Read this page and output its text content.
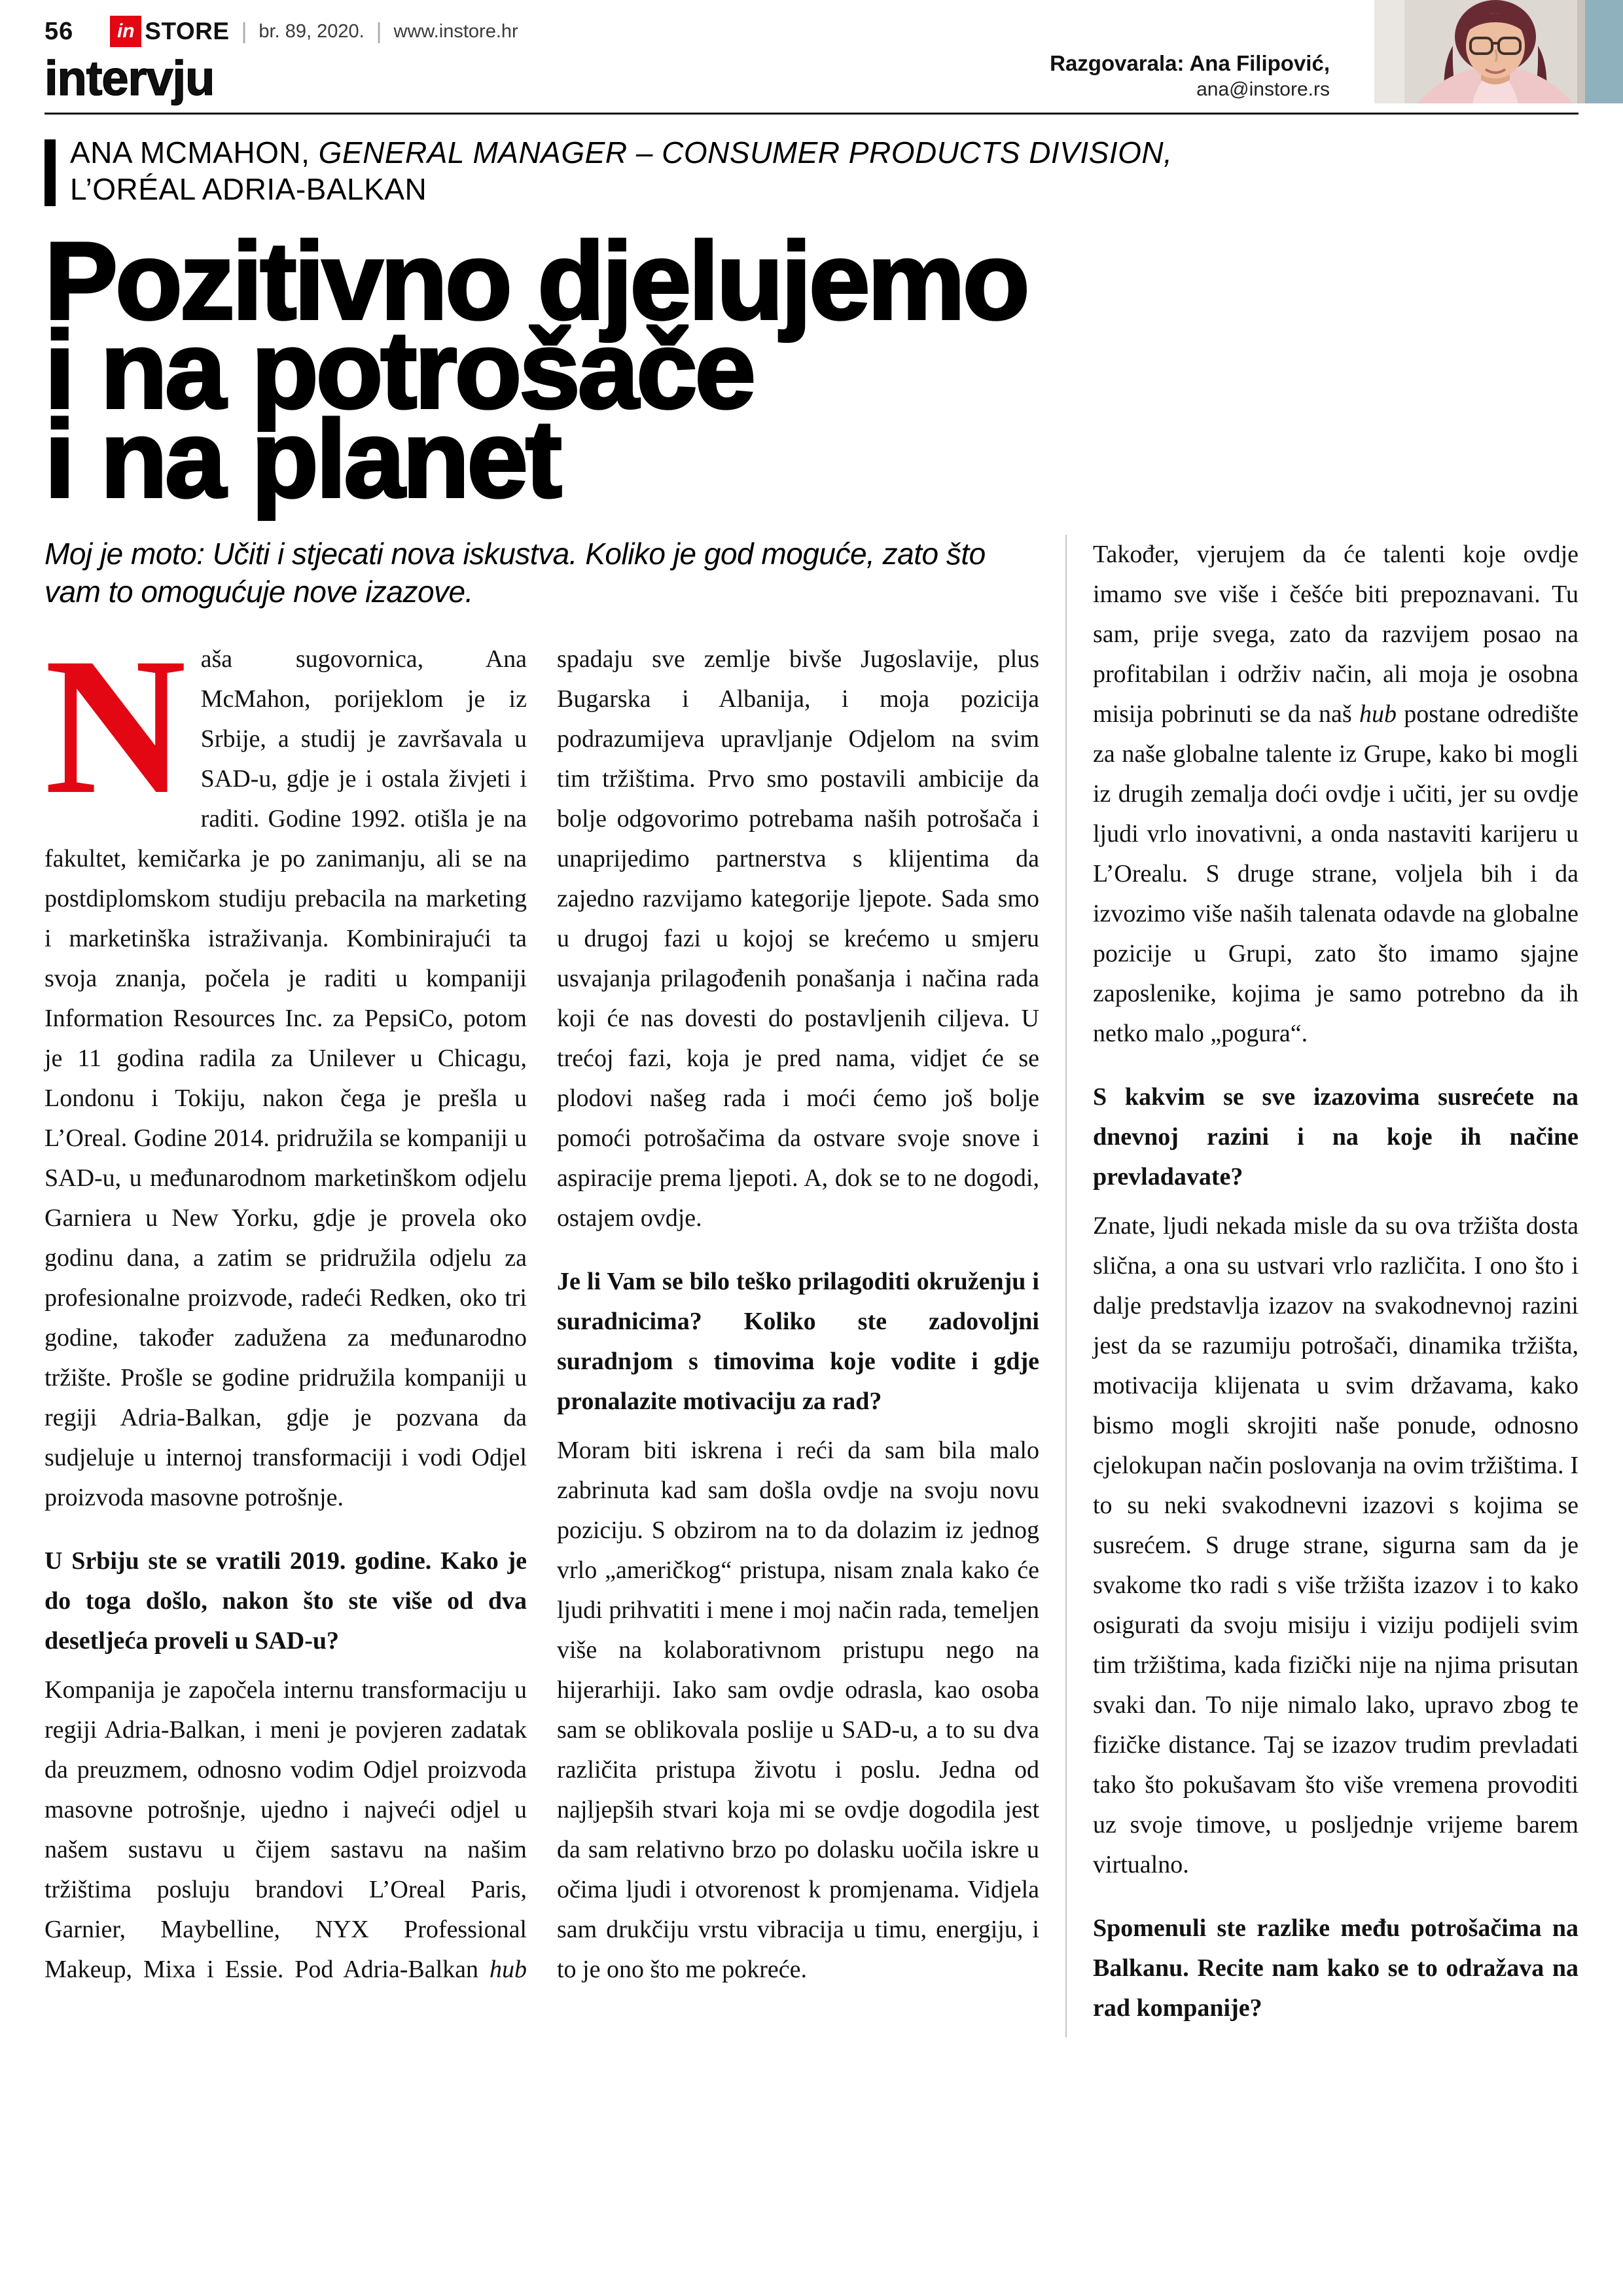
56	in STORE | br. 89, 2020. | www.instore.hr
intervju	Razgovarala: Ana Filipović,
ana@instore.rs
ANA MCMAHON, GENERAL MANAGER – CONSUMER PRODUCTS DIVISION,
L’ORÉAL ADRIA-BALKAN
Pozitivno djelujemo
i na potrošače
i na planet

Moj je moto: Učiti i stjecati nova iskustva. Koliko je god moguće, zato što vam to omogućuje nove izazove.

Naša sugovornica, Ana McMahon, porijeklom je iz Srbije, a studij je završavala u SAD-u, gdje je i ostala živjeti i raditi. Godine 1992. otišla je na fakultet, kemičarka je po zanimanju, ali se na postdiplomskom studiju prebacila na marketing i marketinška istraživanja. Kombinirajući ta svoja znanja, počela je raditi u kompaniji Information Resources Inc. za PepsiCo, potom je 11 godina radila za Unilever u Chicagu, Londonu i Tokiju, nakon čega je prešla u L’Oreal. Godine 2014. pridružila se kompaniji u SAD-u, u međunarodnom marketinškom odjelu Garniera u New Yorku, gdje je provela oko godinu dana, a zatim se pridružila odjelu za profesionalne proizvode, radeći Redken, oko tri godine, također zadužena za međunarodno tržište. Prošle se godine pridružila kompaniji u regiji Adria-Balkan, gdje je pozvana da sudjeluje u internoj transformaciji i vodi Odjel proizvoda masovne potrošnje.

U Srbiju ste se vratili 2019. godine. Kako je do toga došlo, nakon što ste više od dva desetljeća proveli u SAD-u?

Kompanija je započela internu transformaciju u regiji Adria-Balkan, i meni je povjeren zadatak da preuzmem, odnosno vodim Odjel proizvoda masovne potrošnje, ujedno i najveći odjel u našem sustavu u čijem sastavu na našim tržištima posluju brandovi L’Oreal Paris, Garnier, Maybelline, NYX Professional Makeup, Mixa i Essie. Pod Adria-Balkan hub spadaju sve zemlje bivše Jugoslavije, plus Bugarska i Albanija, i moja pozicija podrazumijeva upravljanje Odjelom na svim tim tržištima. Prvo smo postavili ambicije da bolje odgovorimo potrebama naših potrošača i unaprijedimo partnerstva s klijentima da zajedno razvijamo kategorije ljepote. Sada smo u drugoj fazi u kojoj se krećemo u smjeru usvajanja prilagođenih ponašanja i načina rada koji će nas dovesti do postavljenih ciljeva. U trećoj fazi, koja je pred nama, vidjet će se plodovi našeg rada i moći ćemo još bolje pomoći potrošačima da ostvare svoje snove i aspiracije prema ljepoti. A, dok se to ne dogodi, ostajem ovdje.

Je li Vam se bilo teško prilagoditi okruženju i suradnicima? Koliko ste zadovoljni suradnjom s timovima koje vodite i gdje pronalazite motivaciju za rad?

Moram biti iskrena i reći da sam bila malo zabrinuta kad sam došla ovdje na svoju novu poziciju. S obzirom na to da dolazim iz jednog vrlo „američkog“ pristupa, nisam znala kako će ljudi prihvatiti i mene i moj način rada, temeljen više na kolaborativnom pristupu nego na hijerarhiji. Iako sam ovdje odrasla, kao osoba sam se oblikovala poslije u SAD-u, a to su dva različita pristupa životu i poslu. Jedna od najljepših stvari koja mi se ovdje dogodila jest da sam relativno brzo po dolasku uočila iskre u očima ljudi i otvorenost k promjenama. Vidjela sam drukčiju vrstu vibracija u timu, energiju, i to je ono što me pokreće.

Također, vjerujem da će talenti koje ovdje imamo sve više i češće biti prepoznavani. Tu sam, prije svega, zato da razvijem posao na profitabilan i održiv način, ali moja je osobna misija pobrinuti se da naš hub postane odredište za naše globalne talente iz Grupe, kako bi mogli iz drugih zemalja doći ovdje i učiti, jer su ovdje ljudi vrlo inovativni, a onda nastaviti karijeru u L’Orealu. S druge strane, voljela bih i da izvozimo više naših talenata odavde na globalne pozicije u Grupi, zato što imamo sjajne zaposlenike, kojima je samo potrebno da ih netko malo „pogura“.

S kakvim se sve izazovima susrećete na dnevnoj razini i na koje ih načine prevladavate?

Znate, ljudi nekada misle da su ova tržišta dosta slična, a ona su ustvari vrlo različita. I ono što i dalje predstavlja izazov na svakodnevnoj razini jest da se razumiju potrošači, dinamika tržišta, motivacija klijenata u svim državama, kako bismo mogli skrojiti naše ponude, odnosno cjelokupan način poslovanja na ovim tržištima. I to su neki svakodnevni izazovi s kojima se susrećem. S druge strane, sigurna sam da je svakome tko radi s više tržišta izazov i to kako osigurati da svoju misiju i viziju podijeli svim tim tržištima, kada fizički nije na njima prisutan svaki dan. To nije nimalo lako, upravo zbog te fizičke distance. Taj se izazov trudim prevladati tako što pokušavam što više vremena provoditi uz svoje timove, u posljednje vrijeme barem virtualno.

Spomenuli ste razlike među potrošačima na Balkanu. Recite nam kako se to odražava na rad kompanije?
